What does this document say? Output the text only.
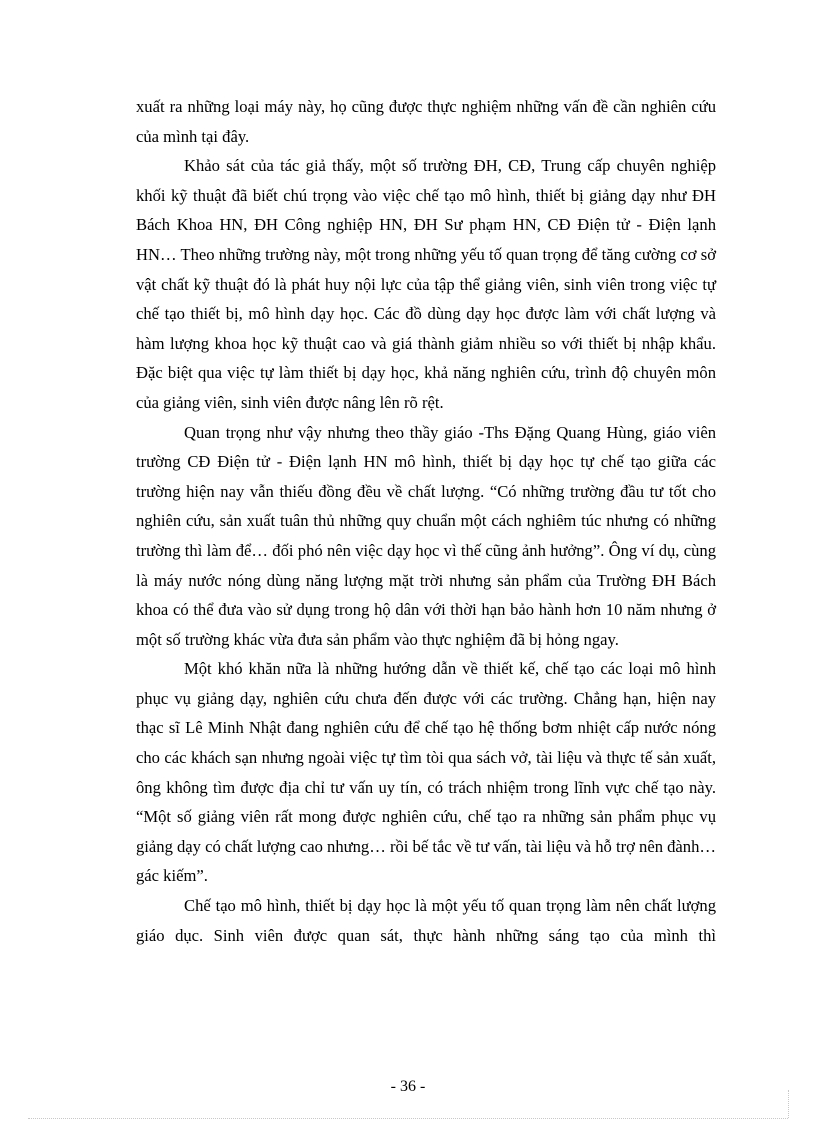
xuất ra những loại máy này, họ cũng được thực nghiệm những vấn đề cần nghiên cứu của mình tại đây.

Khảo sát của tác giả thấy, một số trường ĐH, CĐ, Trung cấp chuyên nghiệp khối kỹ thuật đã biết chú trọng vào việc chế tạo mô hình, thiết bị giảng dạy như ĐH Bách Khoa HN, ĐH Công nghiệp HN, ĐH Sư phạm HN, CĐ Điện tử - Điện lạnh HN… Theo những trường này, một trong những yếu tố quan trọng để tăng cường cơ sở vật chất kỹ thuật đó là phát huy nội lực của tập thể giảng viên, sinh viên trong việc tự chế tạo thiết bị, mô hình dạy học. Các đồ dùng dạy học được làm với chất lượng và hàm lượng khoa học kỹ thuật cao và giá thành giảm nhiều so với thiết bị nhập khẩu. Đặc biệt qua việc tự làm thiết bị dạy học, khả năng nghiên cứu, trình độ chuyên môn của giảng viên, sinh viên được nâng lên rõ rệt.

Quan trọng như vậy nhưng theo thầy giáo -Ths Đặng Quang Hùng, giáo viên trường CĐ Điện tử - Điện lạnh HN mô hình, thiết bị dạy học tự chế tạo giữa các trường hiện nay vẫn thiếu đồng đều về chất lượng. “Có những trường đầu tư tốt cho nghiên cứu, sản xuất tuân thủ những quy chuẩn một cách nghiêm túc nhưng có những trường thì làm để… đối phó nên việc dạy học vì thế cũng ảnh hưởng”. Ông ví dụ, cùng là máy nước nóng dùng năng lượng mặt trời nhưng sản phẩm của Trường ĐH Bách khoa có thể đưa vào sử dụng trong hộ dân với thời hạn bảo hành hơn 10 năm nhưng ở một số trường khác vừa đưa sản phẩm vào thực nghiệm đã bị hỏng ngay.

Một khó khăn nữa là những hướng dẫn về thiết kế, chế tạo các loại mô hình phục vụ giảng dạy, nghiên cứu chưa đến được với các trường. Chẳng hạn, hiện nay thạc sĩ Lê Minh Nhật đang nghiên cứu để chế tạo hệ thống bơm nhiệt cấp nước nóng cho các khách sạn nhưng ngoài việc tự tìm tòi qua sách vở, tài liệu và thực tế sản xuất, ông không tìm được địa chỉ tư vấn uy tín, có trách nhiệm trong lĩnh vực chế tạo này. “Một số giảng viên rất mong được nghiên cứu, chế tạo ra những sản phẩm phục vụ giảng dạy có chất lượng cao nhưng… rồi bế tắc về tư vấn, tài liệu và hỗ trợ nên đành… gác kiếm”.

Chế tạo mô hình, thiết bị dạy học là một yếu tố quan trọng làm nên chất lượng giáo dục. Sinh viên được quan sát, thực hành những sáng tạo của mình thì

- 36 -
